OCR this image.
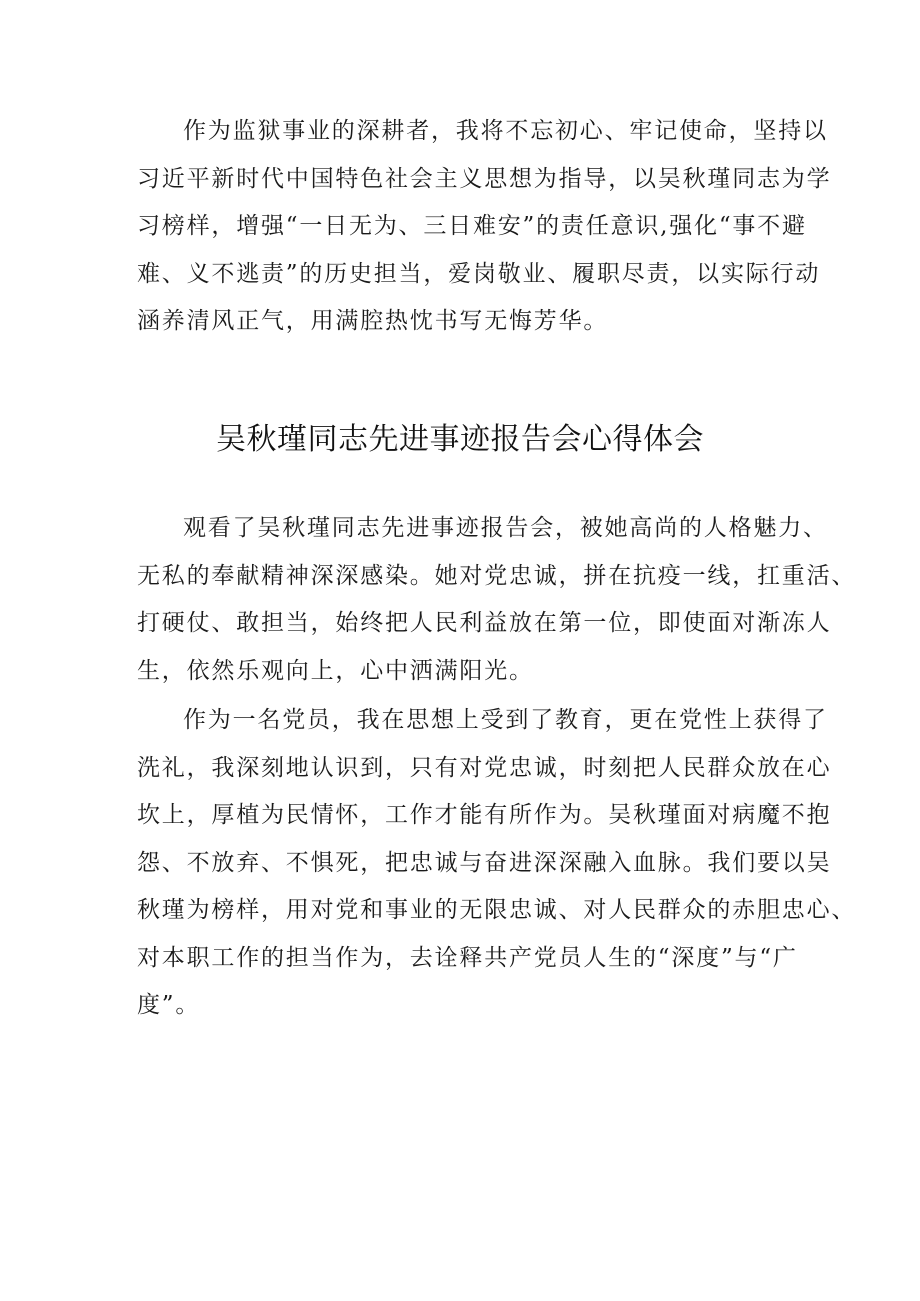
作为监狱事业的深耕者，我将不忘初心、牢记使命，坚持以
习近平新时代中国特色社会主义思想为指导，以吴秋瑾同志为学
习榜样，增强“一日无为、三日难安”的责任意识,强化“事不避
难、义不逃责”的历史担当，爱岗敬业、履职尽责，以实际行动
涵养清风正气，用满腔热忱书写无悔芳华。
吴秋瑾同志先进事迹报告会心得体会
观看了吴秋瑾同志先进事迹报告会，被她高尚的人格魅力、
无私的奉献精神深深感染。她对党忠诚，拼在抗疫一线，扛重活、
打硬仗、敢担当，始终把人民利益放在第一位，即使面对渐冻人
生，依然乐观向上，心中洒满阳光。
作为一名党员，我在思想上受到了教育，更在党性上获得了
洗礼，我深刻地认识到，只有对党忠诚，时刻把人民群众放在心
坎上，厚植为民情怀，工作才能有所作为。吴秋瑾面对病魔不抱
怨、不放弃、不惧死，把忠诚与奋进深深融入血脉。我们要以吴
秋瑾为榜样，用对党和事业的无限忠诚、对人民群众的赤胆忠心、
对本职工作的担当作为，去诠释共产党员人生的“深度”与“广
度”。
